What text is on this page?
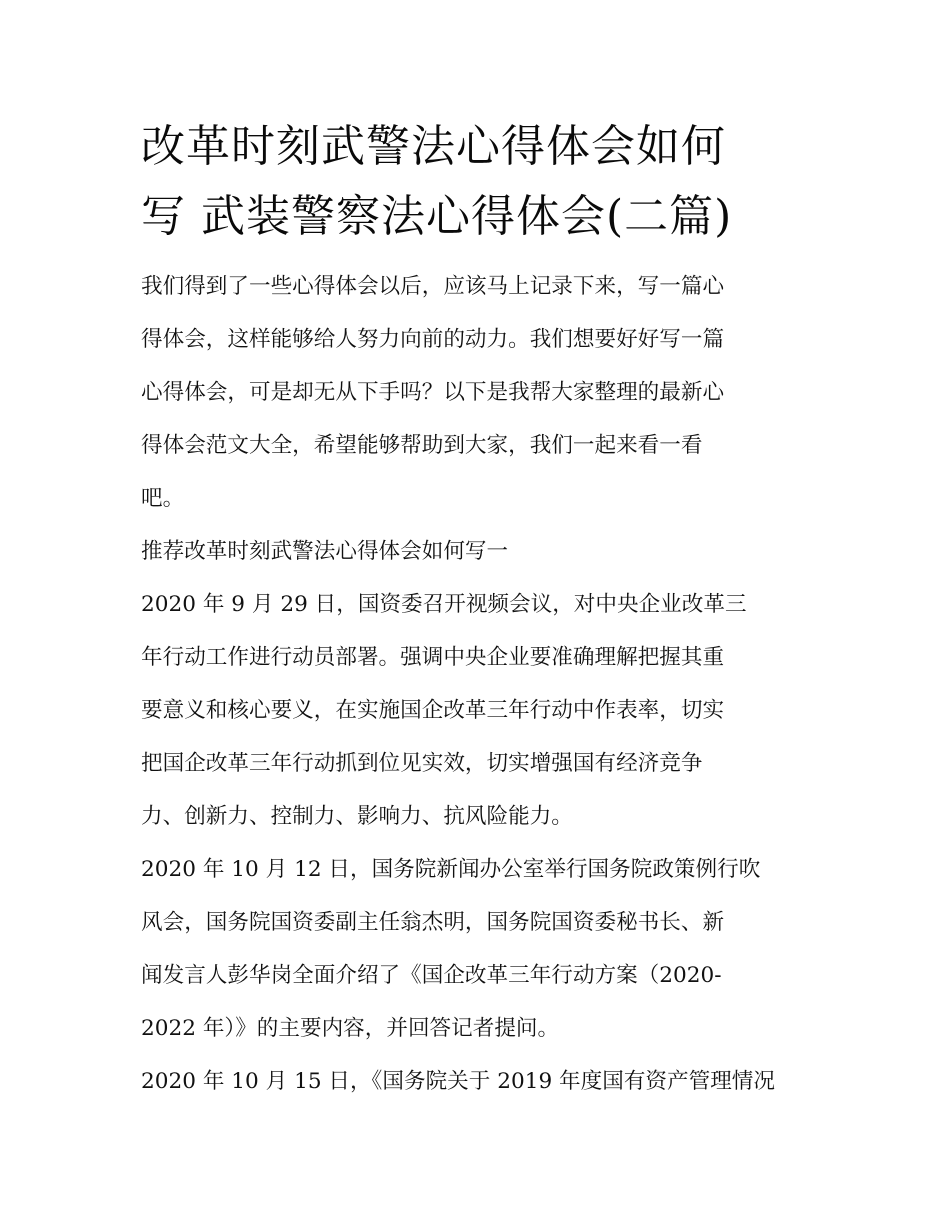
改革时刻武警法心得体会如何
写 武装警察法心得体会(二篇)
我们得到了一些心得体会以后，应该马上记录下来，写一篇心
得体会，这样能够给人努力向前的动力。我们想要好好写一篇
心得体会，可是却无从下手吗？以下是我帮大家整理的最新心
得体会范文大全，希望能够帮助到大家，我们一起来看一看
吧。
推荐改革时刻武警法心得体会如何写一
2020 年 9 月 29 日，国资委召开视频会议，对中央企业改革三
年行动工作进行动员部署。强调中央企业要准确理解把握其重
要意义和核心要义，在实施国企改革三年行动中作表率，切实
把国企改革三年行动抓到位见实效，切实增强国有经济竞争
力、创新力、控制力、影响力、抗风险能力。
2020 年 10 月 12 日，国务院新闻办公室举行国务院政策例行吹
风会，国务院国资委副主任翁杰明，国务院国资委秘书长、新
闻发言人彭华岗全面介绍了《国企改革三年行动方案（2020-
2022 年）》的主要内容，并回答记者提问。
2020 年 10 月 15 日，《国务院关于 2019 年度国有资产管理情况
